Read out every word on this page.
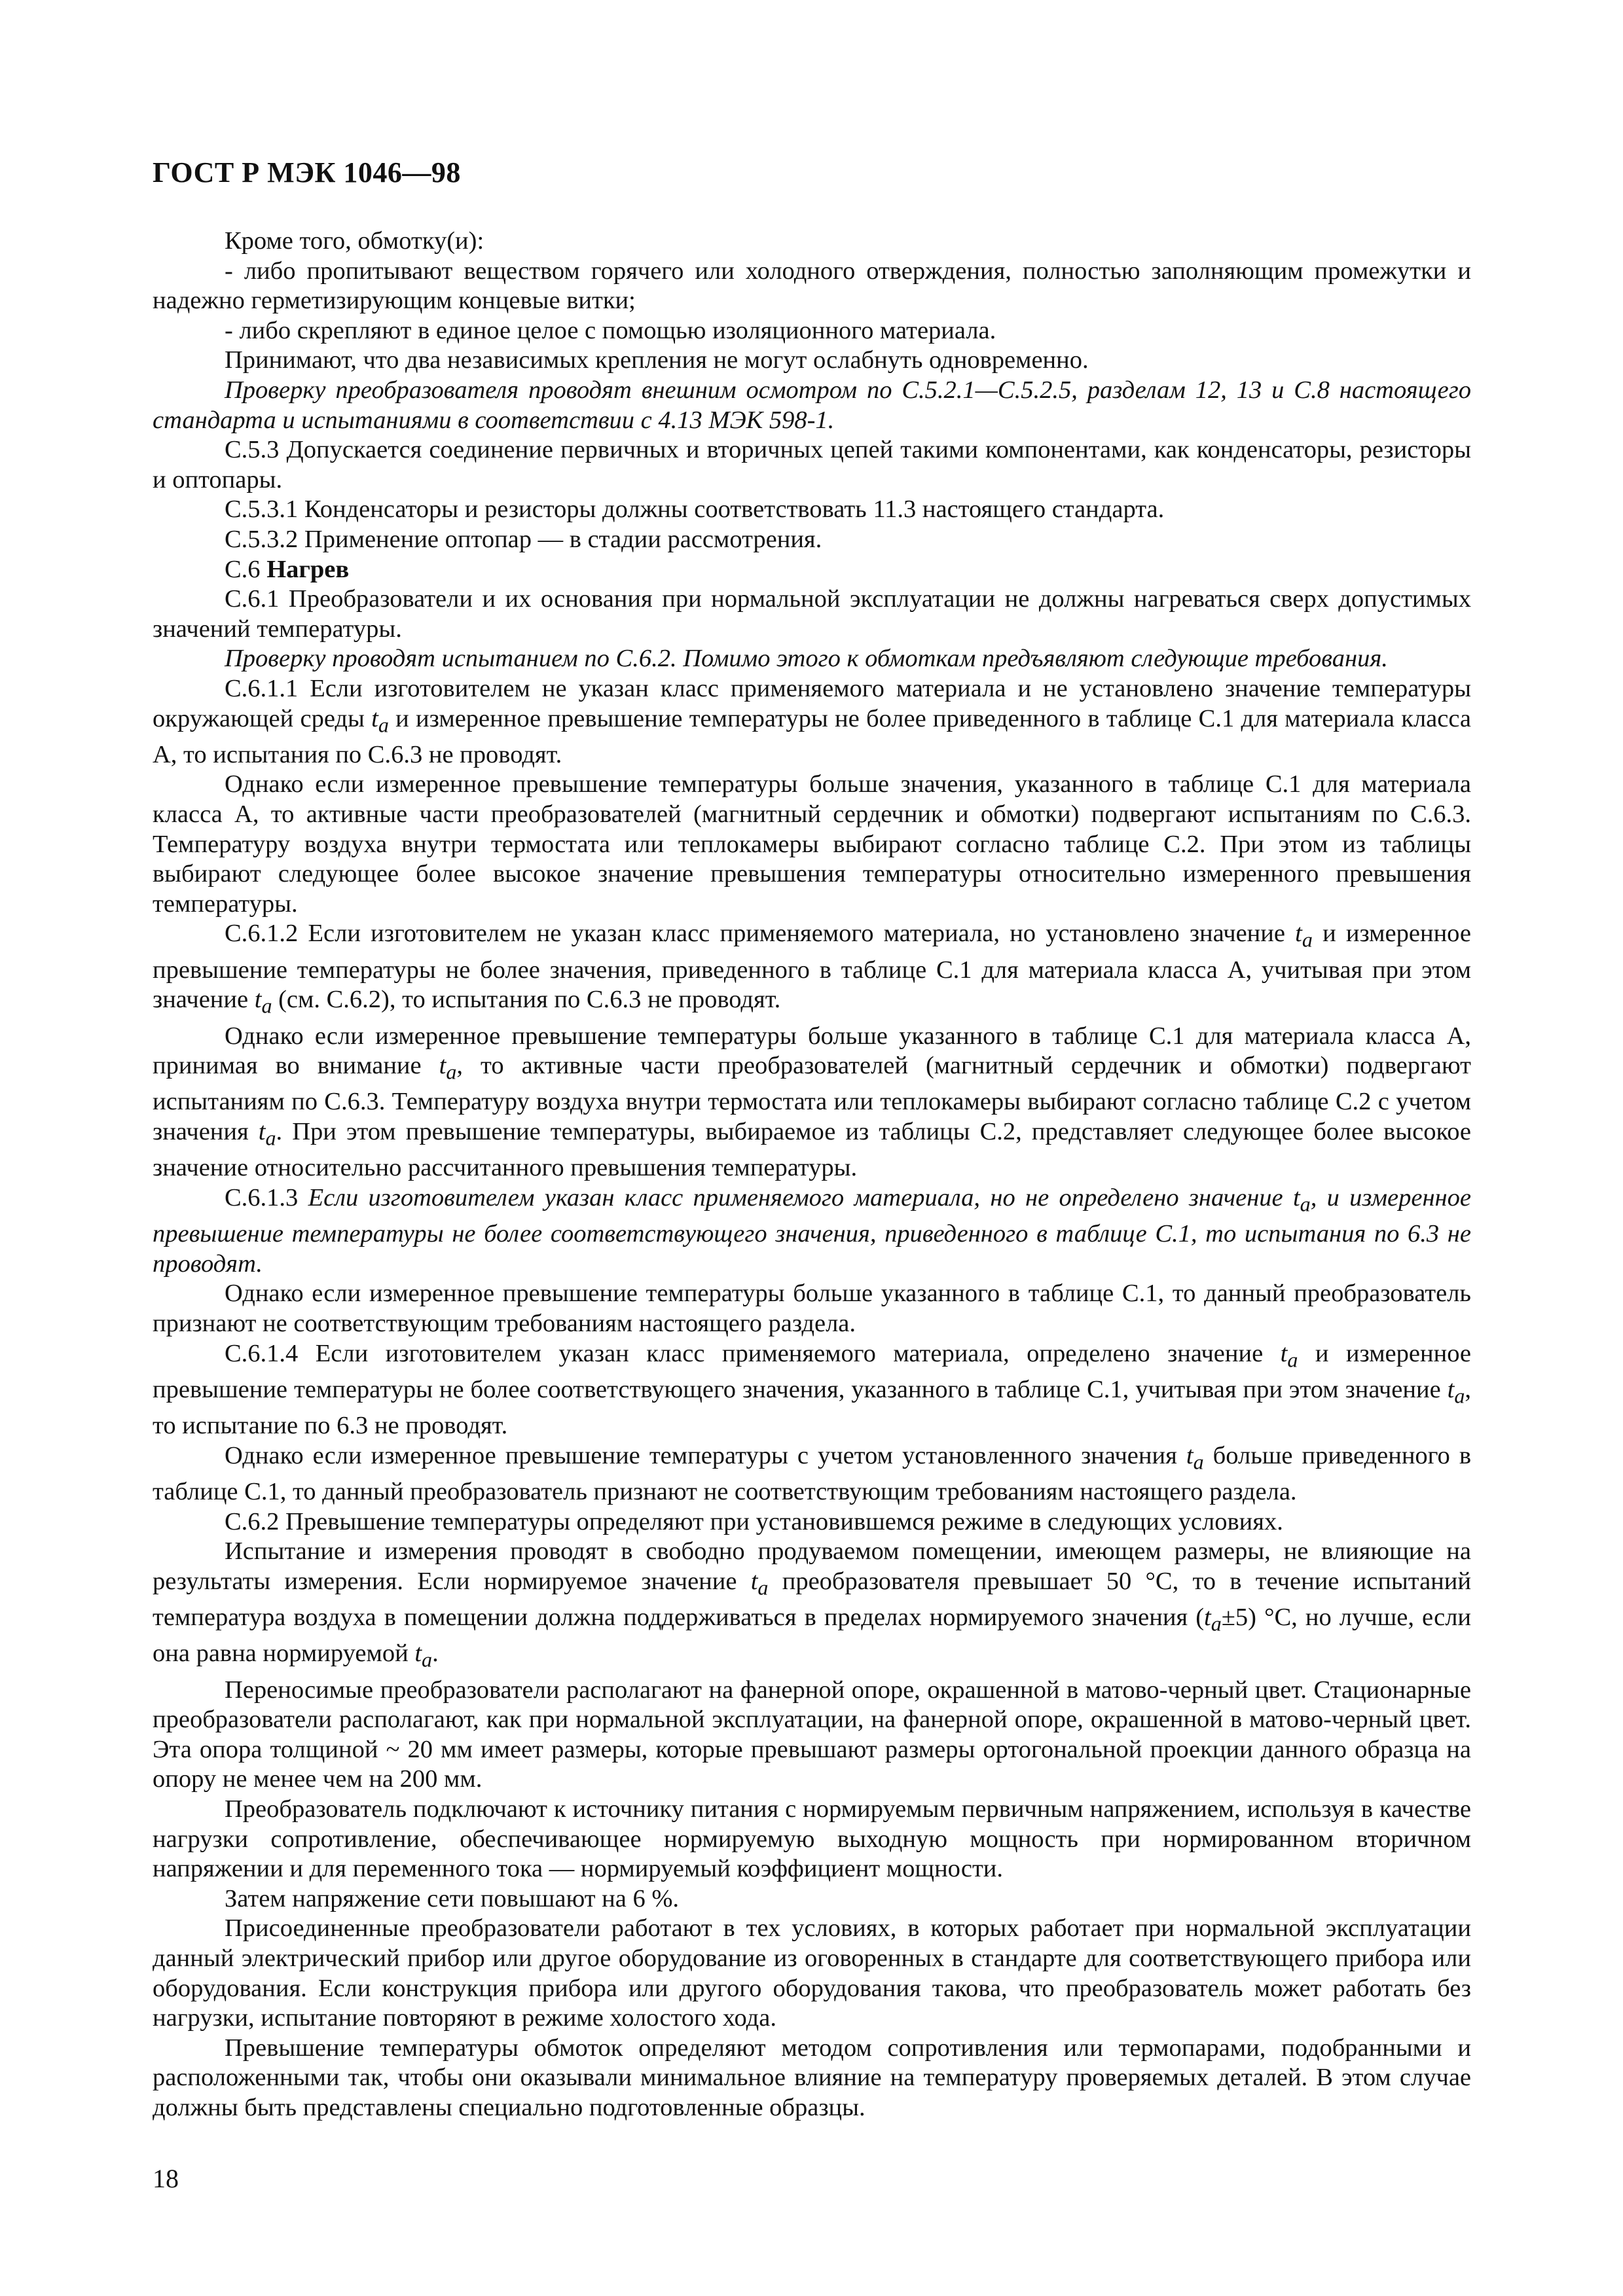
ГОСТ Р МЭК 1046—98

Кроме того, обмотку(и):

- либо пропитывают веществом горячего или холодного отверждения, полностью заполняющим промежутки и надежно герметизирующим концевые витки;

- либо скрепляют в единое целое с помощью изоляционного материала.

Принимают, что два независимых крепления не могут ослабнуть одновременно.

Проверку преобразователя проводят внешним осмотром по С.5.2.1—С.5.2.5, разделам 12, 13 и С.8 настоящего стандарта и испытаниями в соответствии с 4.13 МЭК 598-1.

С.5.3 Допускается соединение первичных и вторичных цепей такими компонентами, как конденсаторы, резисторы и оптопары.

С.5.3.1 Конденсаторы и резисторы должны соответствовать 11.3 настоящего стандарта.

С.5.3.2 Применение оптопар — в стадии рассмотрения.

С.6 Нагрев

С.6.1 Преобразователи и их основания при нормальной эксплуатации не должны нагреваться сверх допустимых значений температуры.

Проверку проводят испытанием по С.6.2. Помимо этого к обмоткам предъявляют следующие требования.

С.6.1.1 Если изготовителем не указан класс применяемого материала и не установлено значение температуры окружающей среды $t_a$ и измеренное превышение температуры не более приведенного в таблице С.1 для материала класса А, то испытания по С.6.3 не проводят.

Однако если измеренное превышение температуры больше значения, указанного в таблице С.1 для материала класса А, то активные части преобразователей (магнитный сердечник и обмотки) подвергают испытаниям по С.6.3. Температуру воздуха внутри термостата или теплокамеры выбирают согласно таблице С.2. При этом из таблицы выбирают следующее более высокое значение превышения температуры относительно измеренного превышения температуры.

С.6.1.2 Если изготовителем не указан класс применяемого материала, но установлено значение $t_a$ и измеренное превышение температуры не более значения, приведенного в таблице С.1 для материала класса А, учитывая при этом значение $t_a$ (см. С.6.2), то испытания по С.6.3 не проводят.

Однако если измеренное превышение температуры больше указанного в таблице С.1 для материала класса А, принимая во внимание $t_a$, то активные части преобразователей (магнитный сердечник и обмотки) подвергают испытаниям по С.6.3. Температуру воздуха внутри термостата или теплокамеры выбирают согласно таблице С.2 с учетом значения $t_a$. При этом превышение температуры, выбираемое из таблицы С.2, представляет следующее более высокое значение относительно рассчитанного превышения температуры.

С.6.1.3 Если изготовителем указан класс применяемого материала, но не определено значение $t_a$, и измеренное превышение температуры не более соответствующего значения, приведенного в таблице С.1, то испытания по 6.3 не проводят.

Однако если измеренное превышение температуры больше указанного в таблице С.1, то данный преобразователь признают не соответствующим требованиям настоящего раздела.

С.6.1.4 Если изготовителем указан класс применяемого материала, определено значение $t_a$ и измеренное превышение температуры не более соответствующего значения, указанного в таблице С.1, учитывая при этом значение $t_a$, то испытание по 6.3 не проводят.

Однако если измеренное превышение температуры с учетом установленного значения $t_a$ больше приведенного в таблице С.1, то данный преобразователь признают не соответствующим требованиям настоящего раздела.

С.6.2 Превышение температуры определяют при установившемся режиме в следующих условиях.

Испытание и измерения проводят в свободно продуваемом помещении, имеющем размеры, не влияющие на результаты измерения. Если нормируемое значение $t_a$ преобразователя превышает 50 °С, то в течение испытаний температура воздуха в помещении должна поддерживаться в пределах нормируемого значения $(t_a\pm 5)$ °С, но лучше, если она равна нормируемой $t_a$.

Переносимые преобразователи располагают на фанерной опоре, окрашенной в матово-черный цвет. Стационарные преобразователи располагают, как при нормальной эксплуатации, на фанерной опоре, окрашенной в матово-черный цвет. Эта опора толщиной ~ 20 мм имеет размеры, которые превышают размеры ортогональной проекции данного образца на опору не менее чем на 200 мм.

Преобразователь подключают к источнику питания с нормируемым первичным напряжением, используя в качестве нагрузки сопротивление, обеспечивающее нормируемую выходную мощность при нормированном вторичном напряжении и для переменного тока — нормируемый коэффициент мощности.

Затем напряжение сети повышают на 6 %.

Присоединенные преобразователи работают в тех условиях, в которых работает при нормальной эксплуатации данный электрический прибор или другое оборудование из оговоренных в стандарте для соответствующего прибора или оборудования. Если конструкция прибора или другого оборудования такова, что преобразователь может работать без нагрузки, испытание повторяют в режиме холостого хода.

Превышение температуры обмоток определяют методом сопротивления или термопарами, подобранными и расположенными так, чтобы они оказывали минимальное влияние на температуру проверяемых деталей. В этом случае должны быть представлены специально подготовленные образцы.

18
